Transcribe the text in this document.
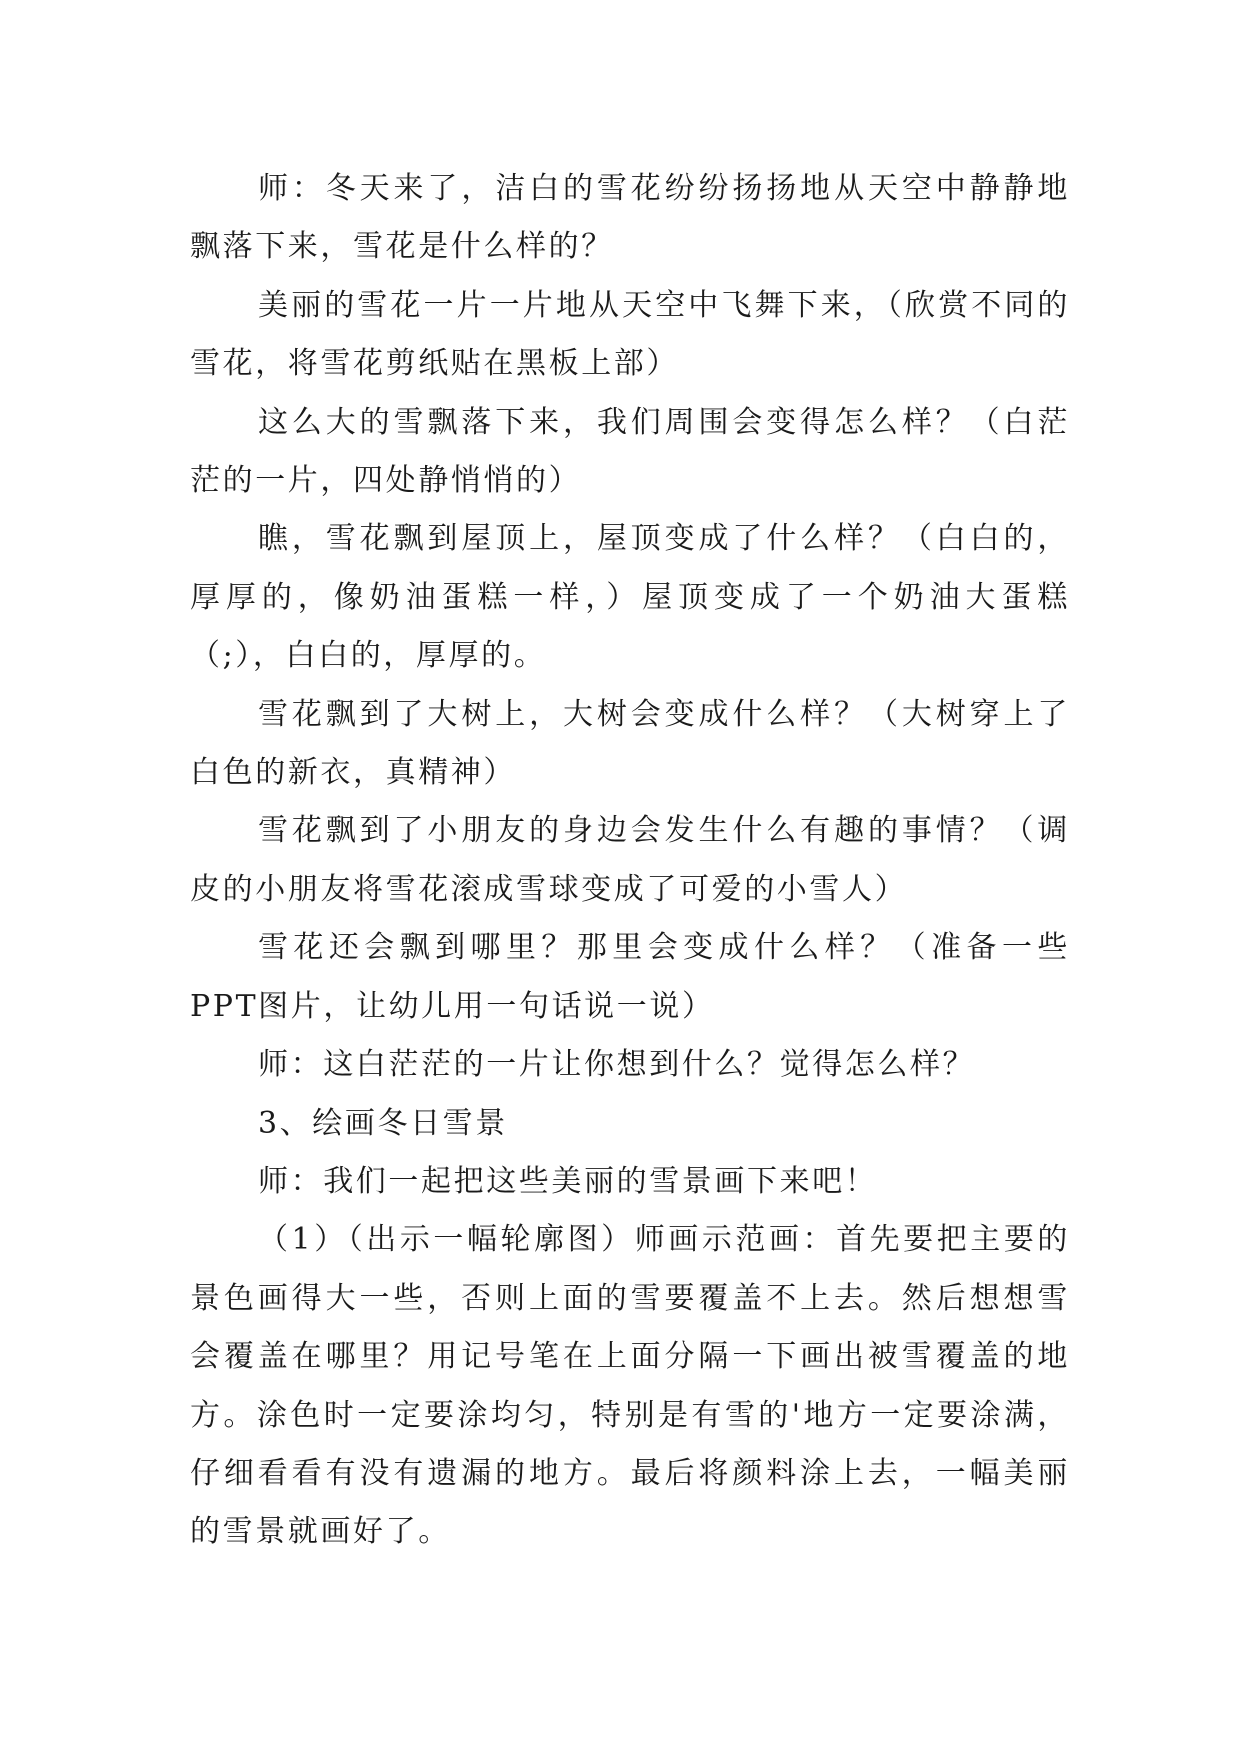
师：冬天来了，洁白的雪花纷纷扬扬地从天空中静静地飘落下来，雪花是什么样的？

美丽的雪花一片一片地从天空中飞舞下来，（欣赏不同的雪花，将雪花剪纸贴在黑板上部）

这么大的雪飘落下来，我们周围会变得怎么样？（白茫茫的一片，四处静悄悄的）

瞧，雪花飘到屋顶上，屋顶变成了什么样？（白白的，厚厚的，像奶油蛋糕一样，）屋顶变成了一个奶油大蛋糕（;），白白的，厚厚的。

雪花飘到了大树上，大树会变成什么样？（大树穿上了白色的新衣，真精神）

雪花飘到了小朋友的身边会发生什么有趣的事情？（调皮的小朋友将雪花滚成雪球变成了可爱的小雪人）

雪花还会飘到哪里？那里会变成什么样？（准备一些PPT图片，让幼儿用一句话说一说）

师：这白茫茫的一片让你想到什么？觉得怎么样？

3、绘画冬日雪景

师：我们一起把这些美丽的雪景画下来吧！

（1）（出示一幅轮廓图）师画示范画：首先要把主要的景色画得大一些，否则上面的雪要覆盖不上去。然后想想雪会覆盖在哪里？用记号笔在上面分隔一下画出被雪覆盖的地方。涂色时一定要涂均匀，特别是有雪的'地方一定要涂满，仔细看看有没有遗漏的地方。最后将颜料涂上去，一幅美丽的雪景就画好了。
